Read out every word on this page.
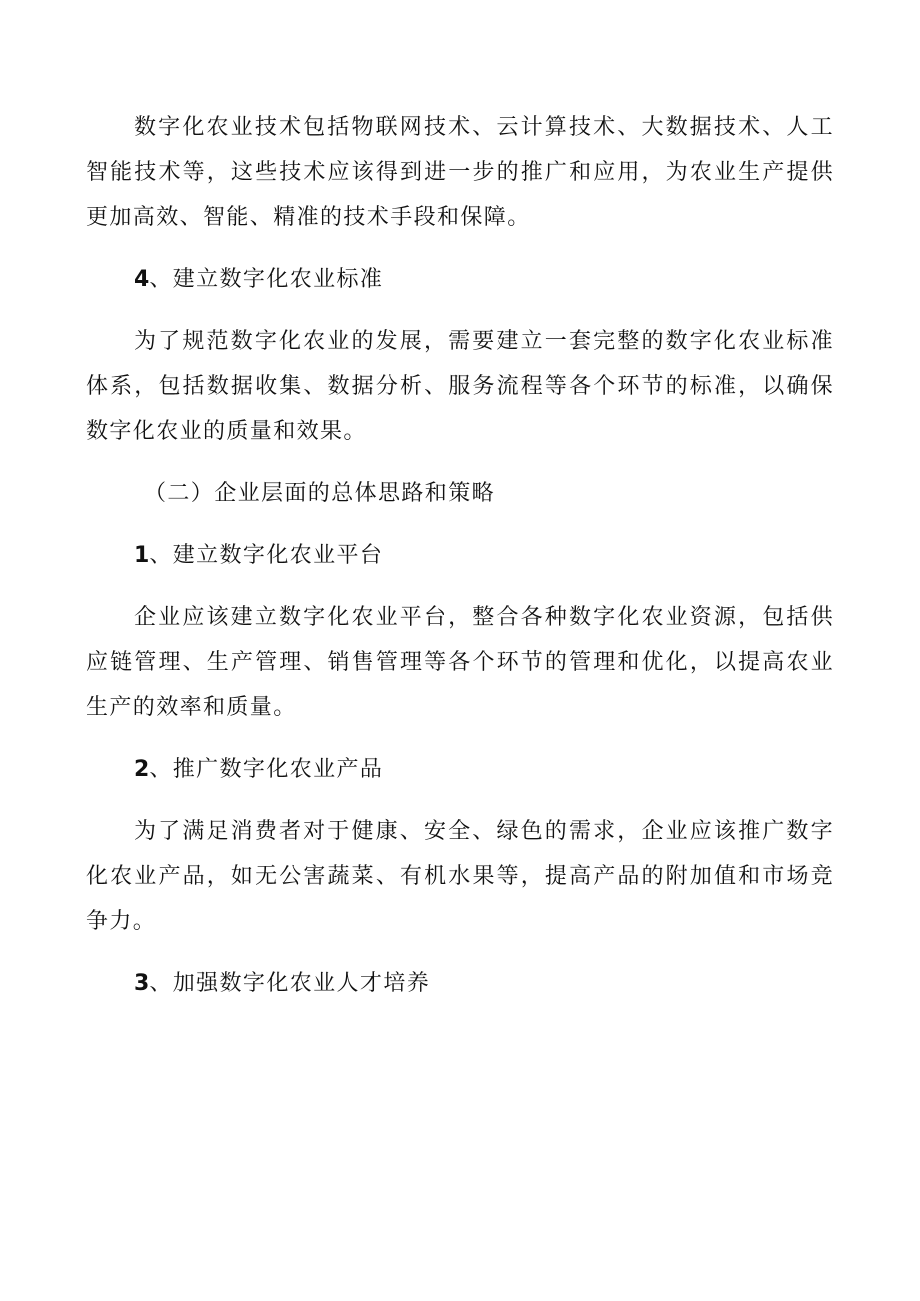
数字化农业技术包括物联网技术、云计算技术、大数据技术、人工智能技术等，这些技术应该得到进一步的推广和应用，为农业生产提供更加高效、智能、精准的技术手段和保障。

4、建立数字化农业标准

为了规范数字化农业的发展，需要建立一套完整的数字化农业标准体系，包括数据收集、数据分析、服务流程等各个环节的标准，以确保数字化农业的质量和效果。

（二）企业层面的总体思路和策略
1、建立数字化农业平台

企业应该建立数字化农业平台，整合各种数字化农业资源，包括供应链管理、生产管理、销售管理等各个环节的管理和优化，以提高农业生产的效率和质量。

2、推广数字化农业产品

为了满足消费者对于健康、安全、绿色的需求，企业应该推广数字化农业产品，如无公害蔬菜、有机水果等，提高产品的附加值和市场竞争力。

3、加强数字化农业人才培养
